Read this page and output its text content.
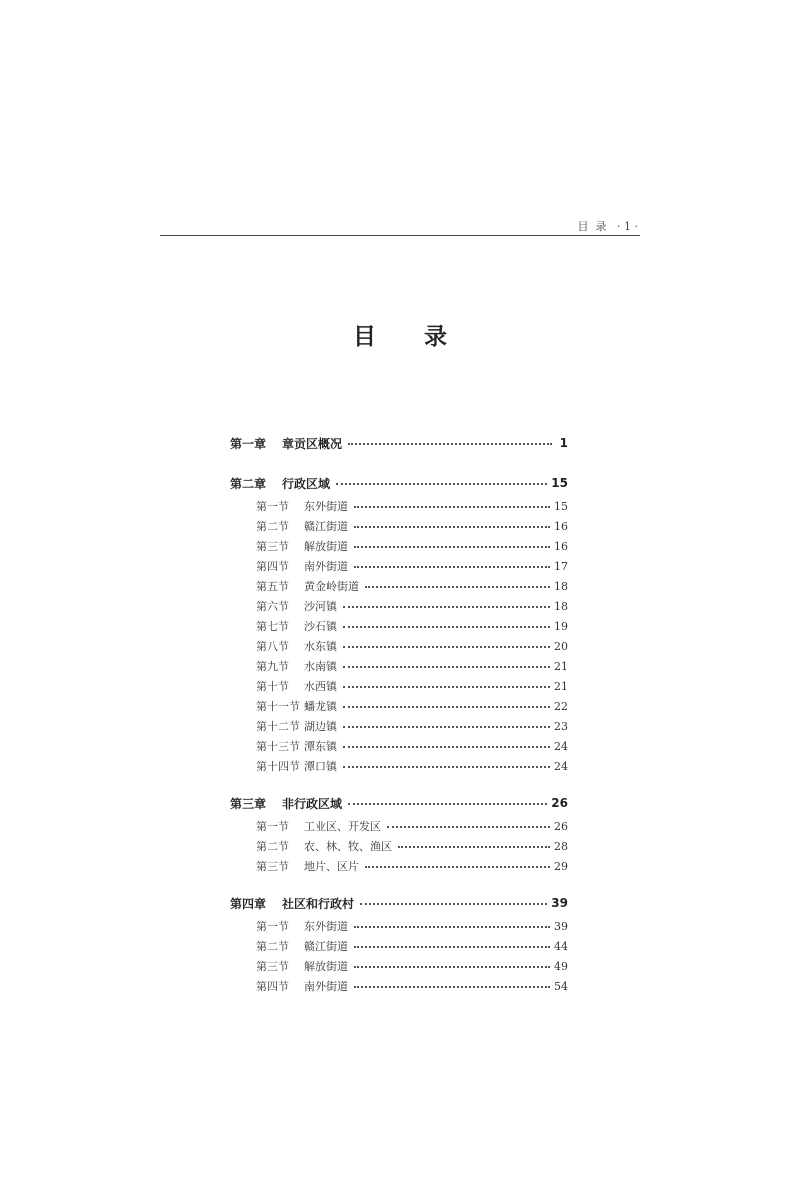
目  录   · 1 ·
目 录
第一章	章贡区概况	1
第二章	行政区域	15
第一节	东外街道	15
第二节	赣江街道	16
第三节	解放街道	16
第四节	南外街道	17
第五节	黄金岭街道	18
第六节	沙河镇	18
第七节	沙石镇	19
第八节	水东镇	20
第九节	水南镇	21
第十节	水西镇	21
第十一节 蟠龙镇	22
第十二节 湖边镇	23
第十三节 潭东镇	24
第十四节 潭口镇	24
第三章	非行政区域	26
第一节	工业区、开发区	26
第二节	农、林、牧、渔区	28
第三节	地片、区片	29
第四章	社区和行政村	39
第一节	东外街道	39
第二节	赣江街道	44
第三节	解放街道	49
第四节	南外街道	54
